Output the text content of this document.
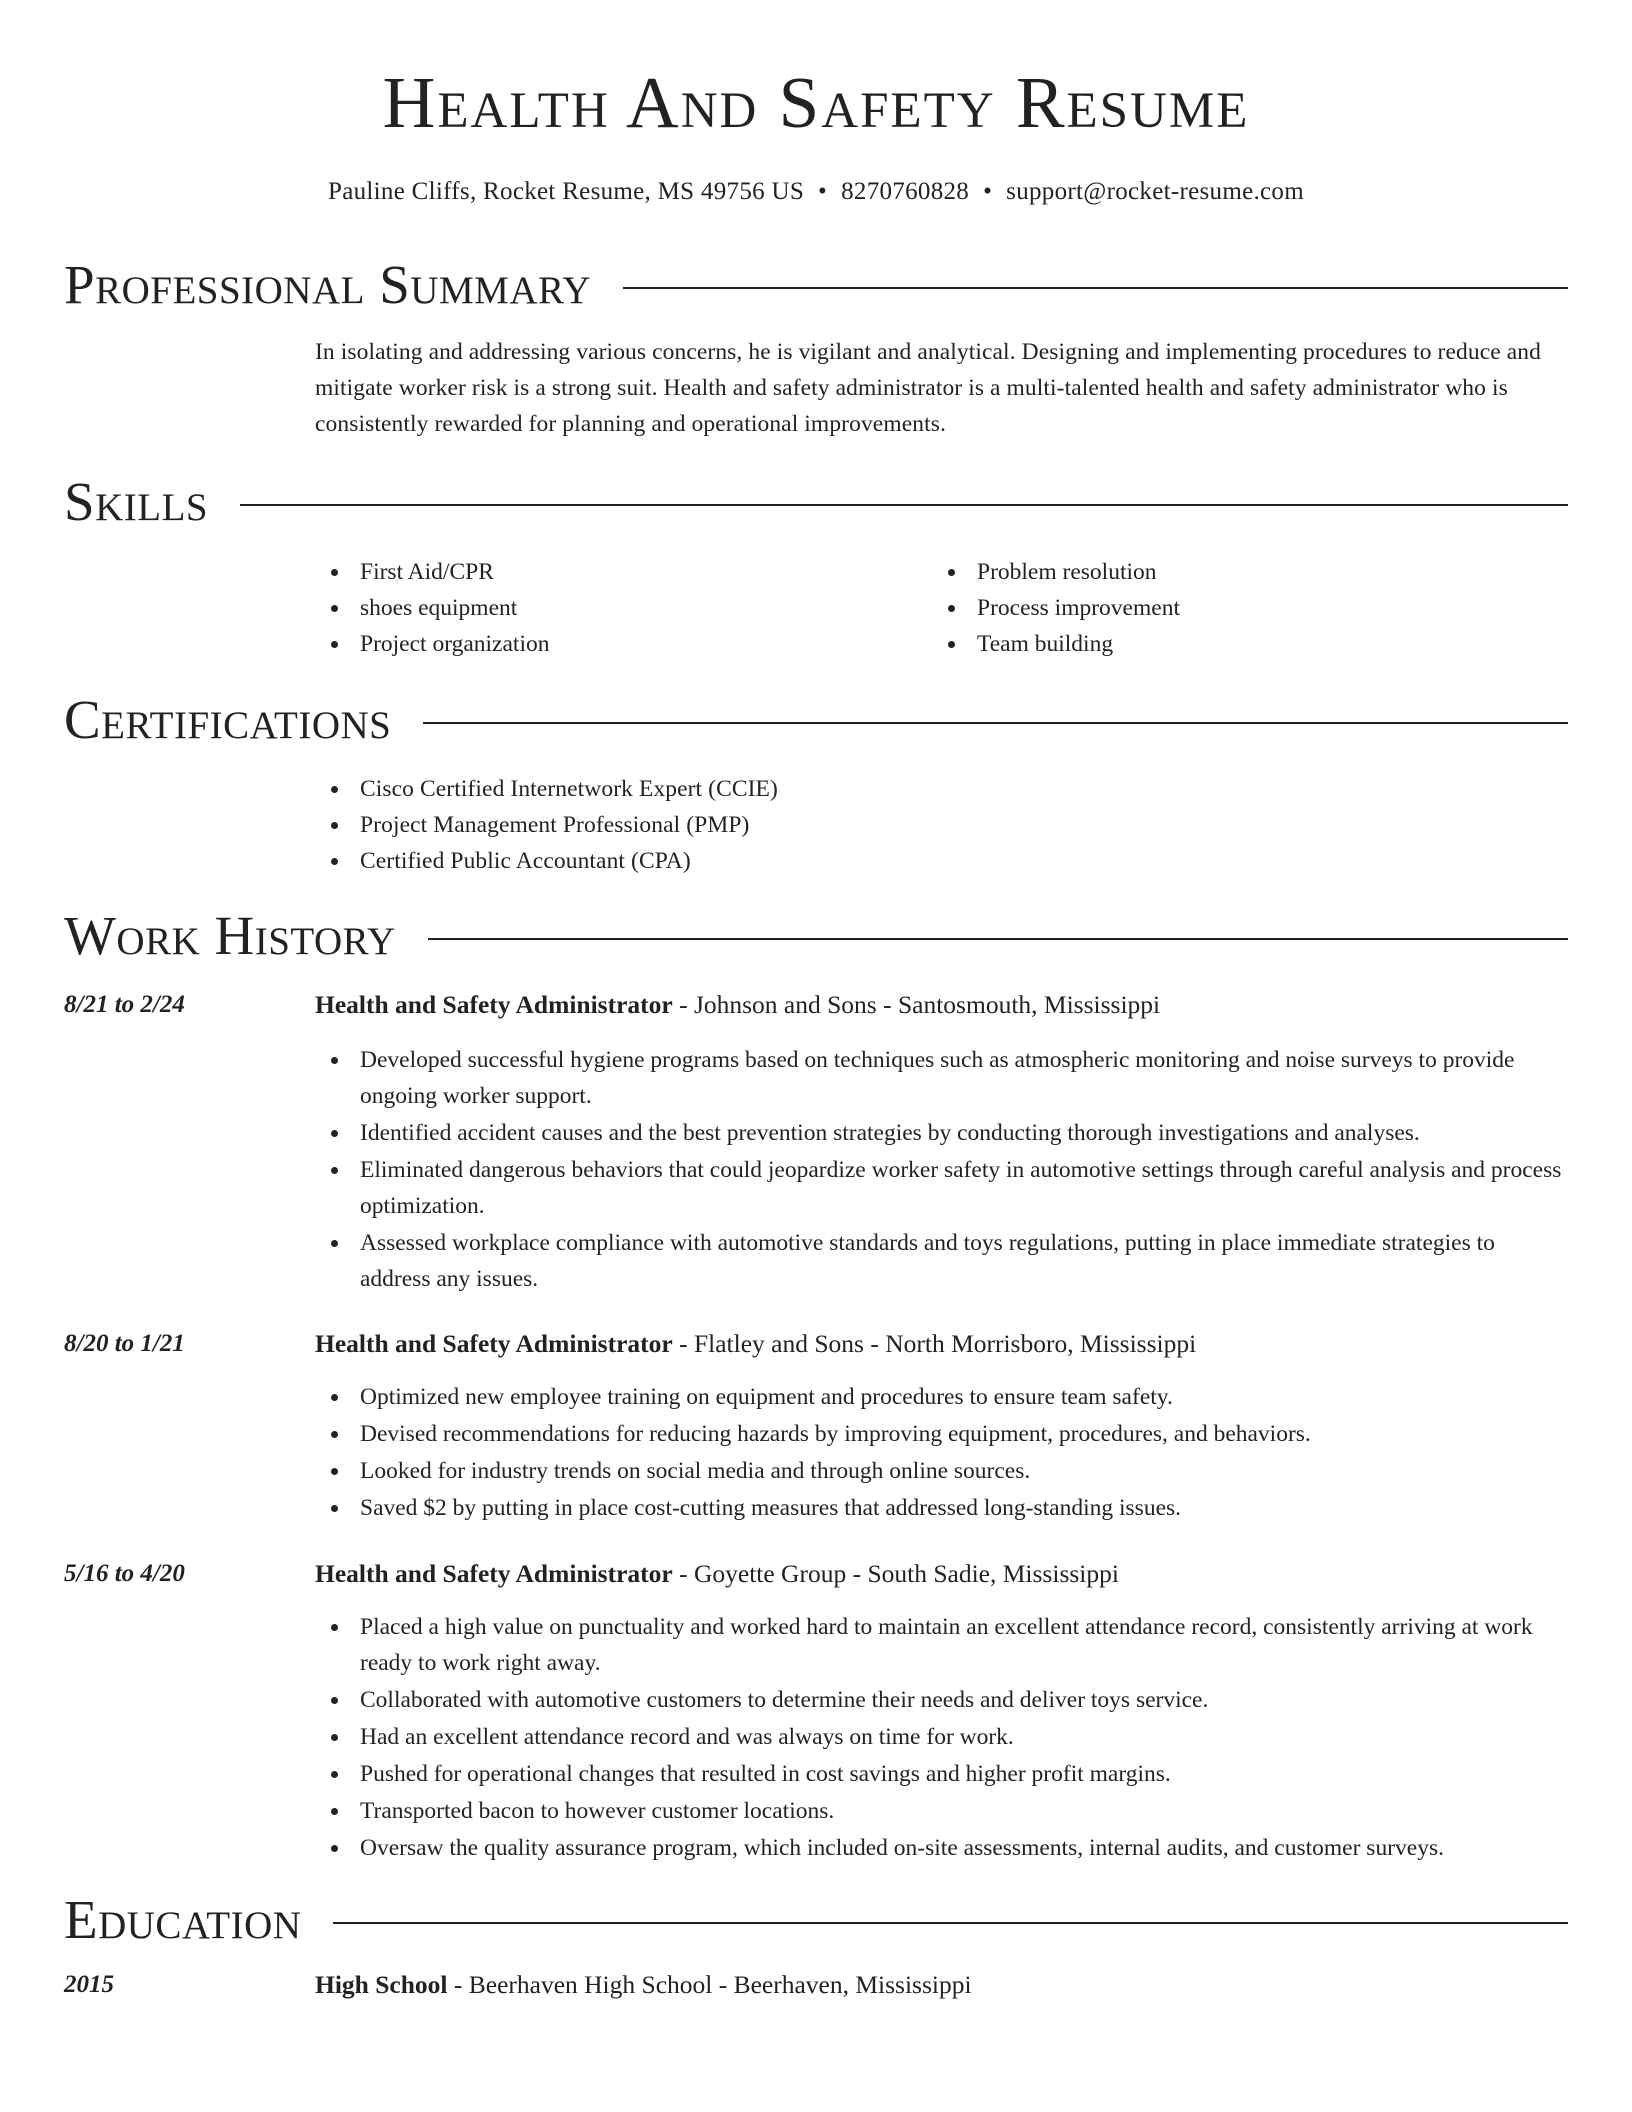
Health And Safety Resume
Pauline Cliffs, Rocket Resume, MS 49756 US • 8270760828 • support@rocket-resume.com
Professional Summary
In isolating and addressing various concerns, he is vigilant and analytical. Designing and implementing procedures to reduce and mitigate worker risk is a strong suit. Health and safety administrator is a multi-talented health and safety administrator who is consistently rewarded for planning and operational improvements.
Skills
First Aid/CPR
shoes equipment
Project organization
Problem resolution
Process improvement
Team building
Certifications
Cisco Certified Internetwork Expert (CCIE)
Project Management Professional (PMP)
Certified Public Accountant (CPA)
Work History
8/21 to 2/24	Health and Safety Administrator - Johnson and Sons - Santosmouth, Mississippi
Developed successful hygiene programs based on techniques such as atmospheric monitoring and noise surveys to provide ongoing worker support.
Identified accident causes and the best prevention strategies by conducting thorough investigations and analyses.
Eliminated dangerous behaviors that could jeopardize worker safety in automotive settings through careful analysis and process optimization.
Assessed workplace compliance with automotive standards and toys regulations, putting in place immediate strategies to address any issues.
8/20 to 1/21	Health and Safety Administrator - Flatley and Sons - North Morrisboro, Mississippi
Optimized new employee training on equipment and procedures to ensure team safety.
Devised recommendations for reducing hazards by improving equipment, procedures, and behaviors.
Looked for industry trends on social media and through online sources.
Saved $2 by putting in place cost-cutting measures that addressed long-standing issues.
5/16 to 4/20	Health and Safety Administrator - Goyette Group - South Sadie, Mississippi
Placed a high value on punctuality and worked hard to maintain an excellent attendance record, consistently arriving at work ready to work right away.
Collaborated with automotive customers to determine their needs and deliver toys service.
Had an excellent attendance record and was always on time for work.
Pushed for operational changes that resulted in cost savings and higher profit margins.
Transported bacon to however customer locations.
Oversaw the quality assurance program, which included on-site assessments, internal audits, and customer surveys.
Education
2015	High School - Beerhaven High School - Beerhaven, Mississippi
